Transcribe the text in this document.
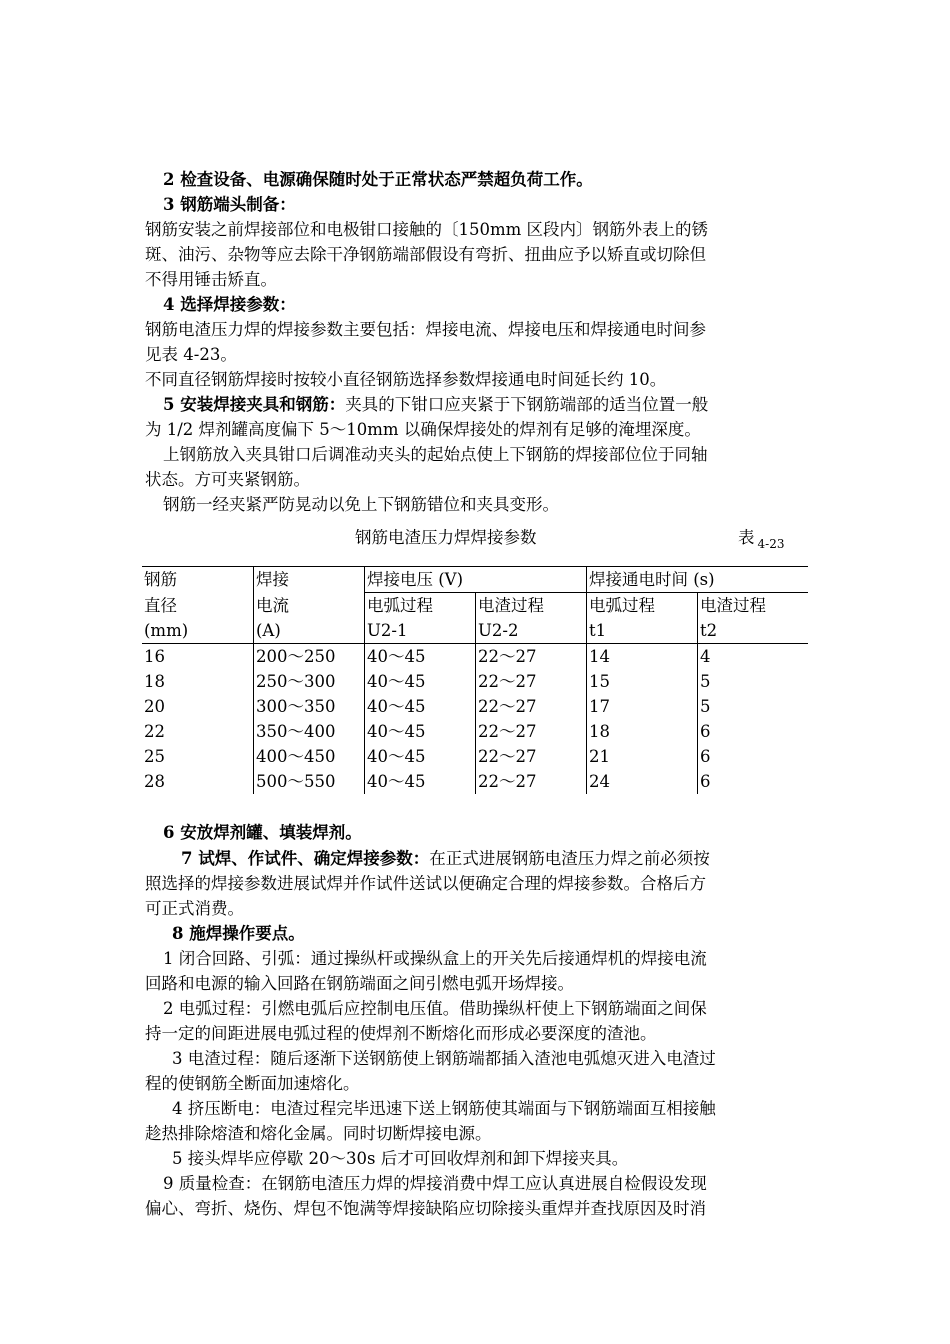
2 检查设备、电源确保随时处于正常状态严禁超负荷工作。
3 钢筋端头制备：
钢筋安装之前焊接部位和电极钳口接触的〔150mm 区段内〕钢筋外表上的锈
斑、油污、杂物等应去除干净钢筋端部假设有弯折、扭曲应予以矫直或切除但
不得用锤击矫直。
4 选择焊接参数：
钢筋电渣压力焊的焊接参数主要包括：焊接电流、焊接电压和焊接通电时间参
见表 4-23。
不同直径钢筋焊接时按较小直径钢筋选择参数焊接通电时间延长约 10。
5 安装焊接夹具和钢筋：夹具的下钳口应夹紧于下钢筋端部的适当位置一般
为 1/2 焊剂罐高度偏下 5～10mm 以确保焊接处的焊剂有足够的淹埋深度。
上钢筋放入夹具钳口后调准动夹头的起始点使上下钢筋的焊接部位位于同轴
状态。方可夹紧钢筋。
钢筋一经夹紧严防晃动以免上下钢筋错位和夹具变形。
钢筋电渣压力焊焊接参数	表 $_{4-23}$
钢筋	焊接	焊接电压 (V)		焊接通电时间 (s)	
直径	电流	电弧过程	电渣过程	电弧过程	电渣过程
(mm)	(A)	U2-1	U2-2	t1	t2
16	200～250	40～45	22～27	14	4
18	250～300	40～45	22～27	15	5
20	300～350	40～45	22～27	17	5
22	350～400	40～45	22～27	18	6
25	400～450	40～45	22～27	21	6
28	500～550	40～45	22～27	24	6
6 安放焊剂罐、填装焊剂。
7 试焊、作试件、确定焊接参数：在正式进展钢筋电渣压力焊之前必须按
照选择的焊接参数进展试焊并作试件送试以便确定合理的焊接参数。合格后方
可正式消费。
8 施焊操作要点。
1 闭合回路、引弧：通过操纵杆或操纵盒上的开关先后接通焊机的焊接电流
回路和电源的输入回路在钢筋端面之间引燃电弧开场焊接。
2 电弧过程：引燃电弧后应控制电压值。借助操纵杆使上下钢筋端面之间保
持一定的间距进展电弧过程的使焊剂不断熔化而形成必要深度的渣池。
3 电渣过程：随后逐渐下送钢筋使上钢筋端都插入渣池电弧熄灭进入电渣过
程的使钢筋全断面加速熔化。
4 挤压断电：电渣过程完毕迅速下送上钢筋使其端面与下钢筋端面互相接触
趁热排除熔渣和熔化金属。同时切断焊接电源。
5 接头焊毕应停歇 20～30s 后才可回收焊剂和卸下焊接夹具。
9 质量检查：在钢筋电渣压力焊的焊接消费中焊工应认真进展自检假设发现
偏心、弯折、烧伤、焊包不饱满等焊接缺陷应切除接头重焊并查找原因及时消
